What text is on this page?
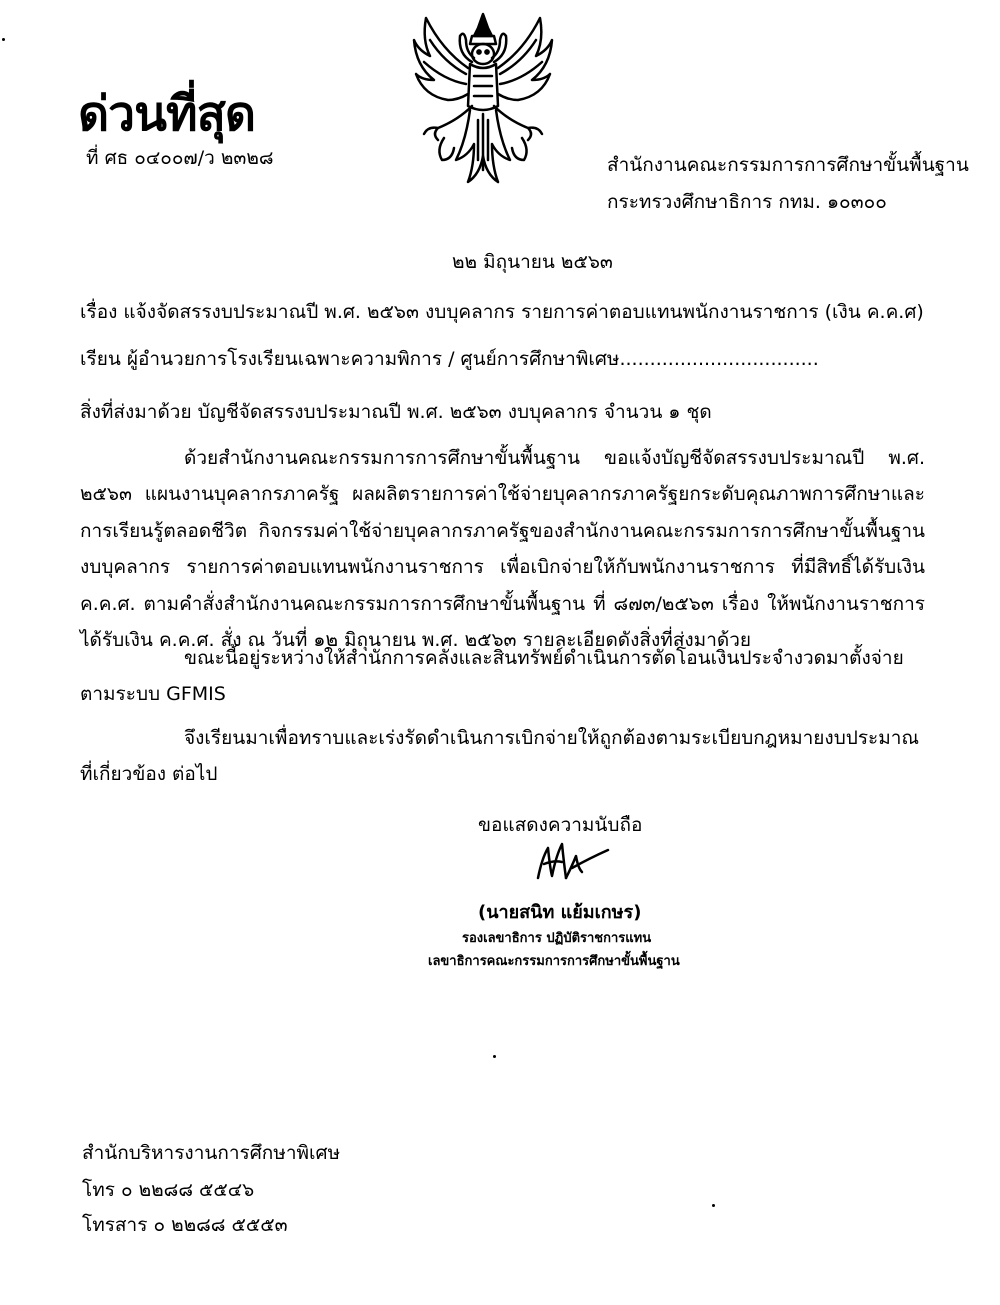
ด่วนที่สุด
ที่ ศธ ๐๔๐๐๗/ว ๒๓๒๘	สำนักงานคณะกรรมการการศึกษาขั้นพื้นฐาน
กระทรวงศึกษาธิการ กทม. ๑๐๓๐๐
๒๒ มิถุนายน ๒๕๖๓
เรื่อง แจ้งจัดสรรงบประมาณปี พ.ศ. ๒๕๖๓ งบบุคลากร รายการค่าตอบแทนพนักงานราชการ (เงิน ค.ค.ศ)
เรียน ผู้อำนวยการโรงเรียนเฉพาะความพิการ / ศูนย์การศึกษาพิเศษ.................................
สิ่งที่ส่งมาด้วย บัญชีจัดสรรงบประมาณปี พ.ศ. ๒๕๖๓ งบบุคลากร จำนวน ๑ ชุด
ด้วยสำนักงานคณะกรรมการการศึกษาขั้นพื้นฐาน ขอแจ้งบัญชีจัดสรรงบประมาณปี พ.ศ. ๒๕๖๓ แผนงานบุคลากรภาครัฐ ผลผลิตรายการค่าใช้จ่ายบุคลากรภาครัฐยกระดับคุณภาพการศึกษาและการเรียนรู้ตลอดชีวิต กิจกรรมค่าใช้จ่ายบุคลากรภาครัฐของสำนักงานคณะกรรมการการศึกษาขั้นพื้นฐาน งบบุคลากร รายการค่าตอบแทนพนักงานราชการ เพื่อเบิกจ่ายให้กับพนักงานราชการ ที่มีสิทธิ์ได้รับเงิน ค.ค.ศ. ตามคำสั่งสำนักงานคณะกรรมการการศึกษาขั้นพื้นฐาน ที่ ๘๗๓/๒๕๖๓ เรื่อง ให้พนักงานราชการได้รับเงิน ค.ค.ศ. สั่ง ณ วันที่ ๑๒ มิถุนายน พ.ศ. ๒๕๖๓ รายละเอียดดังสิ่งที่ส่งมาด้วย
ขณะนี้อยู่ระหว่างให้สำนักการคลังและสินทรัพย์ดำเนินการตัดโอนเงินประจำงวดมาตั้งจ่ายตามระบบ GFMIS
จึงเรียนมาเพื่อทราบและเร่งรัดดำเนินการเบิกจ่ายให้ถูกต้องตามระเบียบกฎหมายงบประมาณที่เกี่ยวข้อง ต่อไป
ขอแสดงความนับถือ
(นายสนิท แย้มเกษร)
รองเลขาธิการ ปฏิบัติราชการแทน
เลขาธิการคณะกรรมการการศึกษาขั้นพื้นฐาน
สำนักบริหารงานการศึกษาพิเศษ
โทร ๐ ๒๒๘๘ ๕๕๔๖
โทรสาร ๐ ๒๒๘๘ ๕๕๕๓
